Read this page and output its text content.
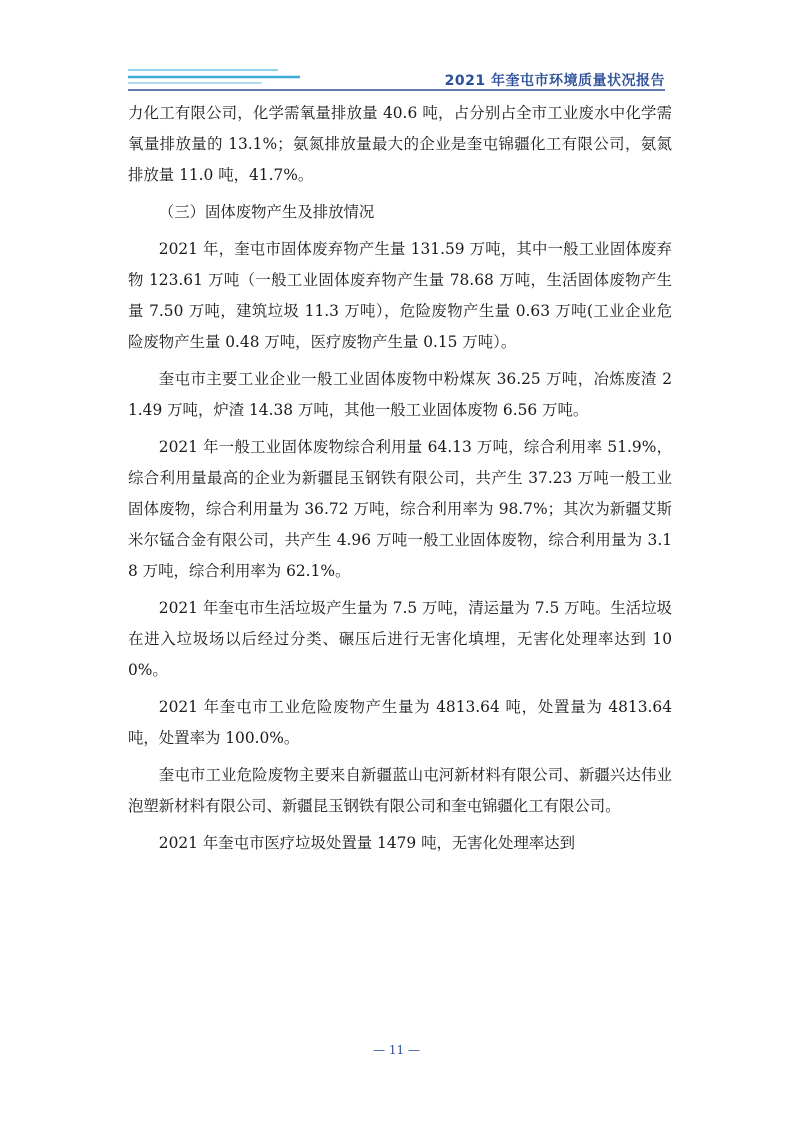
2021 年奎屯市环境质量状况报告

力化工有限公司，化学需氧量排放量 40.6 吨，占分别占全市工业废水中化学需氧量排放量的 13.1%；氨氮排放量最大的企业是奎屯锦疆化工有限公司，氨氮排放量 11.0 吨，41.7%。

（三）固体废物产生及排放情况

2021 年，奎屯市固体废弃物产生量 131.59 万吨，其中一般工业固体废弃物 123.61 万吨（一般工业固体废弃物产生量 78.68 万吨，生活固体废物产生量 7.50 万吨，建筑垃圾 11.3 万吨），危险废物产生量 0.63 万吨(工业企业危险废物产生量 0.48 万吨，医疗废物产生量 0.15 万吨）。

奎屯市主要工业企业一般工业固体废物中粉煤灰 36.25 万吨，冶炼废渣 21.49 万吨，炉渣 14.38 万吨，其他一般工业固体废物 6.56 万吨。

2021 年一般工业固体废物综合利用量 64.13 万吨，综合利用率 51.9%，综合利用量最高的企业为新疆昆玉钢铁有限公司，共产生 37.23 万吨一般工业固体废物，综合利用量为 36.72 万吨，综合利用率为 98.7%；其次为新疆艾斯米尔锰合金有限公司，共产生 4.96 万吨一般工业固体废物，综合利用量为 3.18 万吨，综合利用率为 62.1%。

2021 年奎屯市生活垃圾产生量为 7.5 万吨，清运量为 7.5 万吨。生活垃圾在进入垃圾场以后经过分类、碾压后进行无害化填埋，无害化处理率达到 100%。

2021 年奎屯市工业危险废物产生量为 4813.64 吨，处置量为 4813.64 吨，处置率为 100.0%。

奎屯市工业危险废物主要来自新疆蓝山屯河新材料有限公司、新疆兴达伟业泡塑新材料有限公司、新疆昆玉钢铁有限公司和奎屯锦疆化工有限公司。

2021 年奎屯市医疗垃圾处置量 1479 吨，无害化处理率达到

— 11 —
